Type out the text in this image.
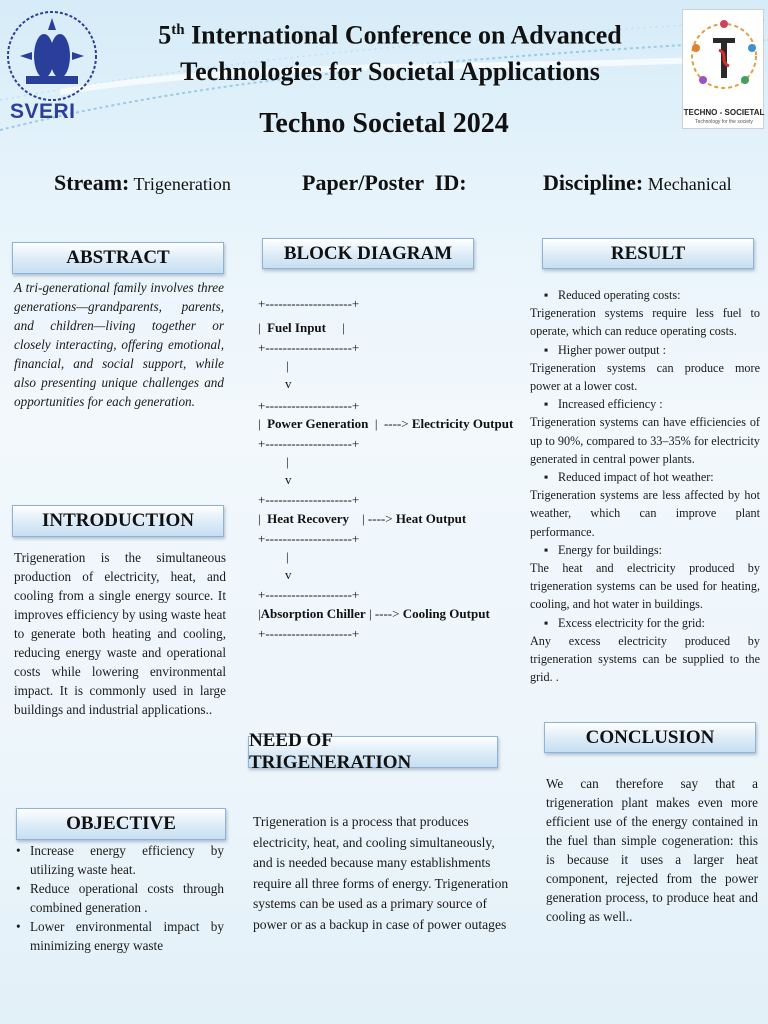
SVERI
5th International Conference on Advanced
Technologies for Societal Applications
TECHNO - SOCIETAL
Technology for the society
Techno Societal 2024
Stream: Trigeneration	Paper/Poster  ID:	Discipline: Mechanical
ABSTRACT
A tri-generational family involves three generations—grandparents, parents, and children—living together or closely interacting, offering emotional, financial, and social support, while also presenting unique challenges and opportunities for each generation.
INTRODUCTION
Trigeneration is the simultaneous production of electricity, heat, and cooling from a single energy source. It improves efficiency by using waste heat to generate both heating and cooling, reducing energy waste and operational costs while lowering environmental impact. It is commonly used in large buildings and industrial applications..
OBJECTIVE
• Increase energy efficiency by utilizing waste heat.
• Reduce operational costs through combined generation .
• Lower environmental impact by minimizing energy waste
BLOCK DIAGRAM
+--------------------+
| Fuel Input |
+--------------------+
|
v
+--------------------+
| Power Generation | ----> Electricity Output
+--------------------+
|
v
+--------------------+
| Heat Recovery | ----> Heat Output
+--------------------+
|
v
+--------------------+
|Absorption Chiller | ----> Cooling Output
+--------------------+
NEED OF TRIGENERATION
Trigeneration is a process that produces electricity, heat, and cooling simultaneously, and is needed because many establishments require all three forms of energy. Trigeneration systems can be used as a primary source of power or as a backup in case of power outages
RESULT
▪ Reduced operating costs:
Trigeneration systems require less fuel to operate, which can reduce operating costs.
▪ Higher power output :
Trigeneration systems can produce more power at a lower cost.
▪ Increased efficiency :
Trigeneration systems can have efficiencies of up to 90%, compared to 33–35% for electricity generated in central power plants.
▪ Reduced impact of hot weather:
Trigeneration systems are less affected by hot weather, which can improve plant performance.
▪ Energy for buildings:
The heat and electricity produced by trigeneration systems can be used for heating, cooling, and hot water in buildings.
▪ Excess electricity for the grid:
Any excess electricity produced by trigeneration systems can be supplied to the grid. .
CONCLUSION
We can therefore say that a trigeneration plant makes even more efficient use of the energy contained in the fuel than simple cogeneration: this is because it uses a larger heat component, rejected from the power generation process, to produce heat and cooling as well..
